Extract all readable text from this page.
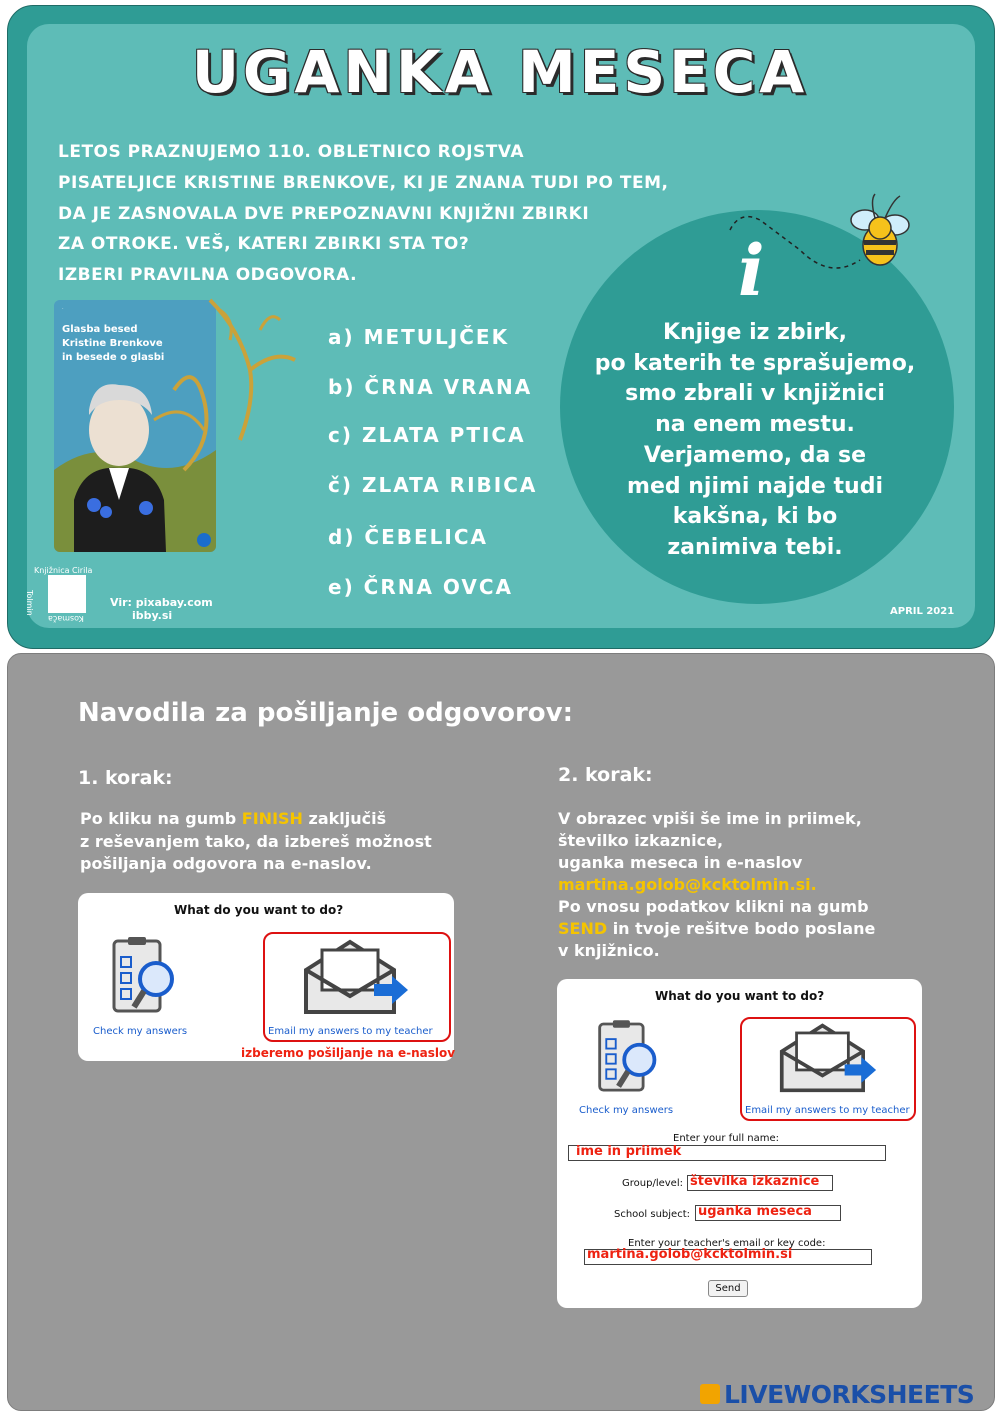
UGANKA MESECA
LETOS PRAZNUJEMO 110. OBLETNICO ROJSTVA
PISATELJICE KRISTINE BRENKOVE, KI JE ZNANA TUDI PO TEM,
DA JE ZASNOVALA DVE PREPOZNAVNI KNJIŽNI ZBIRKI
ZA OTROKE. VEŠ, KATERI ZBIRKI STA TO?
IZBERI PRAVILNA ODGOVORA.
·
Glasba besed
Kristine Brenkove
in besede o glasbi
a) METULJČEK
b) ČRNA VRANA
c) ZLATA PTICA
č) ZLATA RIBICA
d) ČEBELICA
e) ČRNA OVCA
i
Knjige iz zbirk,
po katerih te sprašujemo,
smo zbrali v knjižnici
na enem mestu.
Verjamemo, da se
med njimi najde tudi
kakšna, ki bo
zanimiva tebi.
Knjižnica Cirila
Kosmača
Tolmin	Vir: pixabay.com
ibby.si	APRIL 2021
Navodila za pošiljanje odgovorov:
1. korak:
Po kliku na gumb FINISH zaključiš
z reševanjem tako, da izbereš možnost
pošiljanja odgovora na e-naslov.
What do you want to do?
Check my answers	Email my answers to my teacher
izberemo pošiljanje na e-naslov
2. korak:
V obrazec vpiši še ime in priimek,
številko izkaznice,
uganka meseca in e-naslov
martina.golob@kcktolmin.si.
Po vnosu podatkov klikni na gumb
SEND in tvoje rešitve bodo poslane
v knjižnico.
What do you want to do?
Check my answers	Email my answers to my teacher
Enter your full name:
ime in priimek
Group/level: številka izkaznice
School subject: uganka meseca
Enter your teacher's email or key code:
martina.golob@kcktolmin.si
Send
LIVEWORKSHEETS
